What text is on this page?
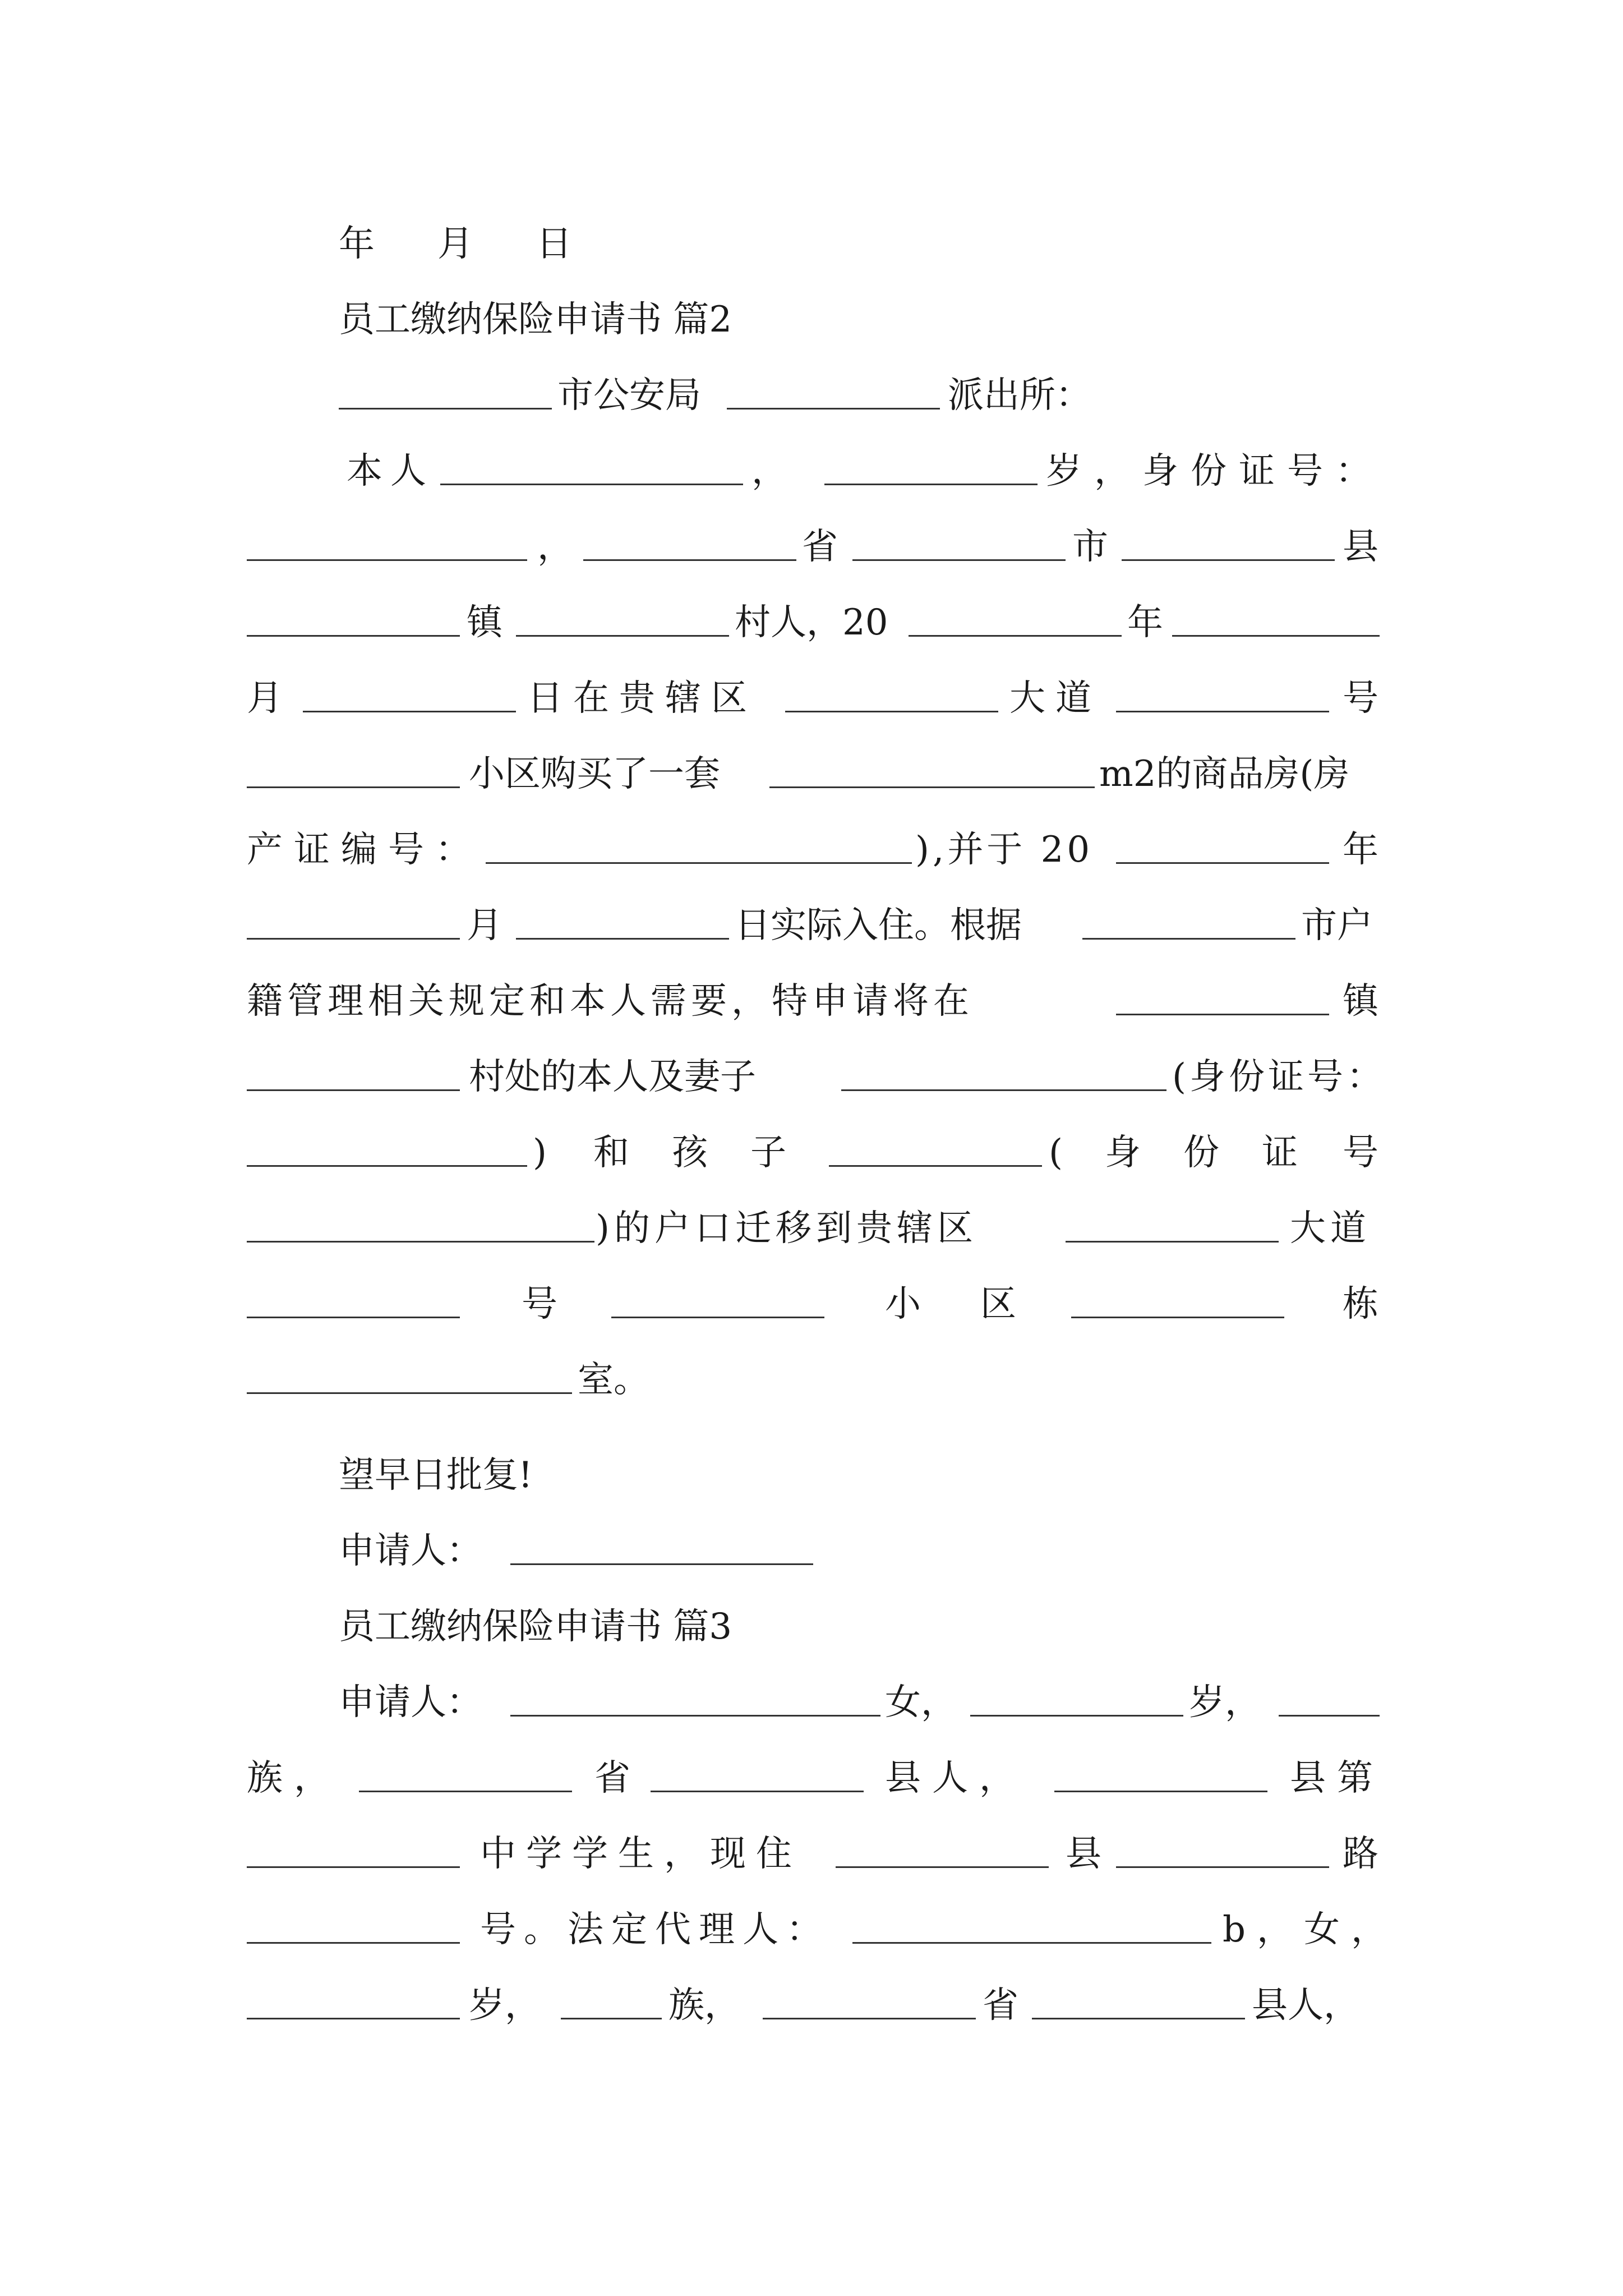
年　月　日
员工缴纳保险申请书 篇2
市公安局	派出所：
本人	，	岁，身份证号：
，	省	市	县
镇	村人，20	年
月	日在贵辖区	大道	号
小区购买了一套	m2的商品房(房
产证编号：	),并于 20	年
月	日实际入住。根据	市户
籍管理相关规定和本人需要，特申请将在	镇
村处的本人及妻子	(身份证号：
) 和 孩 子	( 身 份 证 号
)的户口迁移到贵辖区	大道
号	小 区	栋
室。
望早日批复!
申请人：
员工缴纳保险申请书 篇3
申请人：	女，	岁，
族，	省	县人，	县第
中学学生，现住	县	路
号。法定代理人：	b，女，
岁，	族，	省	县人，
